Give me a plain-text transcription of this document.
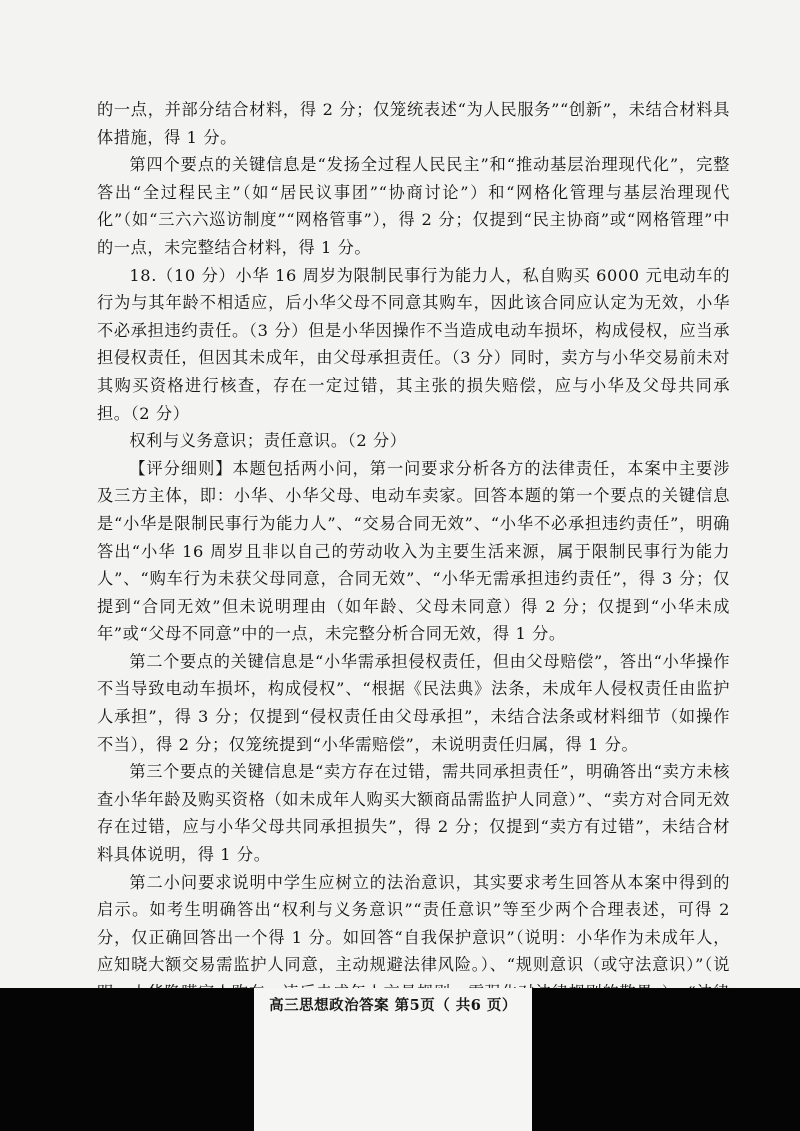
的一点，并部分结合材料，得 2 分；仅笼统表述“为人民服务”“创新”，未结合材料具体措施，得 1 分。

第四个要点的关键信息是“发扬全过程人民民主”和“推动基层治理现代化”，完整答出“全过程民主”（如“居民议事团”“协商讨论”）和“网格化管理与基层治理现代化”（如“三六六巡访制度”“网格管事”），得 2 分；仅提到“民主协商”或“网格管理”中的一点，未完整结合材料，得 1 分。

18.（10 分）小华 16 周岁为限制民事行为能力人，私自购买 6000 元电动车的行为与其年龄不相适应，后小华父母不同意其购车，因此该合同应认定为无效，小华不必承担违约责任。（3 分）但是小华因操作不当造成电动车损坏，构成侵权，应当承担侵权责任，但因其未成年，由父母承担责任。（3 分）同时，卖方与小华交易前未对其购买资格进行核查，存在一定过错，其主张的损失赔偿，应与小华及父母共同承担。（2 分）

权利与义务意识；责任意识。（2 分）

【评分细则】本题包括两小问，第一问要求分析各方的法律责任，本案中主要涉及三方主体，即：小华、小华父母、电动车卖家。回答本题的第一个要点的关键信息是“小华是限制民事行为能力人”、“交易合同无效”、“小华不必承担违约责任”，明确答出“小华 16 周岁且非以自己的劳动收入为主要生活来源，属于限制民事行为能力人”、“购车行为未获父母同意，合同无效”、“小华无需承担违约责任”，得 3 分；仅提到“合同无效”但未说明理由（如年龄、父母未同意）得 2 分；仅提到“小华未成年”或“父母不同意”中的一点，未完整分析合同无效，得 1 分。

第二个要点的关键信息是“小华需承担侵权责任，但由父母赔偿”，答出“小华操作不当导致电动车损坏，构成侵权”、“根据《民法典》法条，未成年人侵权责任由监护人承担”，得 3 分；仅提到“侵权责任由父母承担”，未结合法条或材料细节（如操作不当），得 2 分；仅笼统提到“小华需赔偿”，未说明责任归属，得 1 分。

第三个要点的关键信息是“卖方存在过错，需共同承担责任”，明确答出“卖方未核查小华年龄及购买资格（如未成年人购买大额商品需监护人同意）”、“卖方对合同无效存在过错，应与小华父母共同承担损失”，得 2 分；仅提到“卖方有过错”，未结合材料具体说明，得 1 分。

第二小问要求说明中学生应树立的法治意识，其实要求考生回答从本案中得到的启示。如考生明确答出“权利与义务意识”“责任意识”等至少两个合理表述，可得 2 分，仅正确回答出一个得 1 分。如回答“自我保护意识”（说明：小华作为未成年人，应知晓大额交易需监护人同意，主动规避法律风险。）、“规则意识（或守法意识）”（说

高三思想政治答案 第5页（ 共6 页）
